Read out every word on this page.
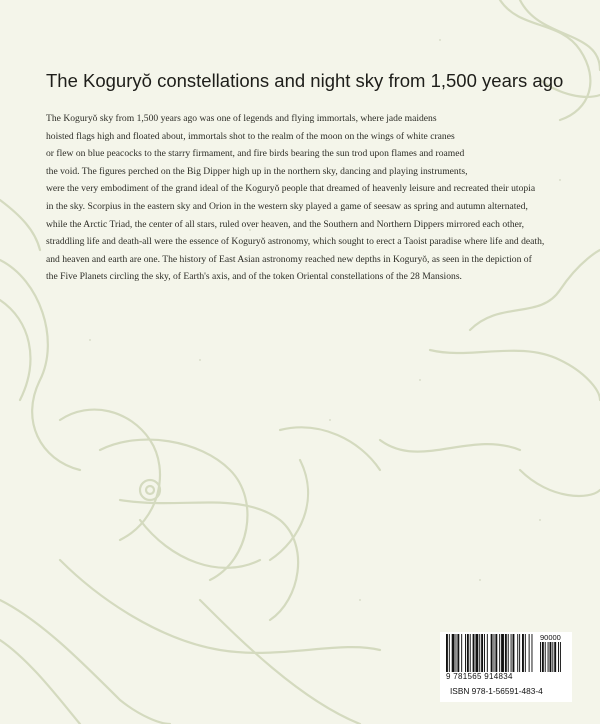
The Koguryŏ constellations and night sky from 1,500 years ago
The Koguryŏ sky from 1,500 years ago was one of legends and flying immortals, where jade maidens
hoisted flags high and floated about, immortals shot to the realm of the moon on the wings of white cranes
or flew on blue peacocks to the starry firmament, and fire birds bearing the sun trod upon flames and roamed
the void. The figures perched on the Big Dipper high up in the northern sky, dancing and playing instruments,
were the very embodiment of the grand ideal of the Koguryŏ people that dreamed of heavenly leisure and recreated their utopia
in the sky. Scorpius in the eastern sky and Orion in the western sky played a game of seesaw as spring and autumn alternated,
while the Arctic Triad, the center of all stars, ruled over heaven, and the Southern and Northern Dippers mirrored each other,
straddling life and death-all were the essence of Koguryŏ astronomy, which sought to erect a Taoist paradise where life and death,
and heaven and earth are one. The history of East Asian astronomy reached new depths in Koguryŏ, as seen in the depiction of
the Five Planets circling the sky, of Earth's axis, and of the token Oriental constellations of the 28 Mansions.
90000
9 781565 914834
ISBN 978-1-56591-483-4
